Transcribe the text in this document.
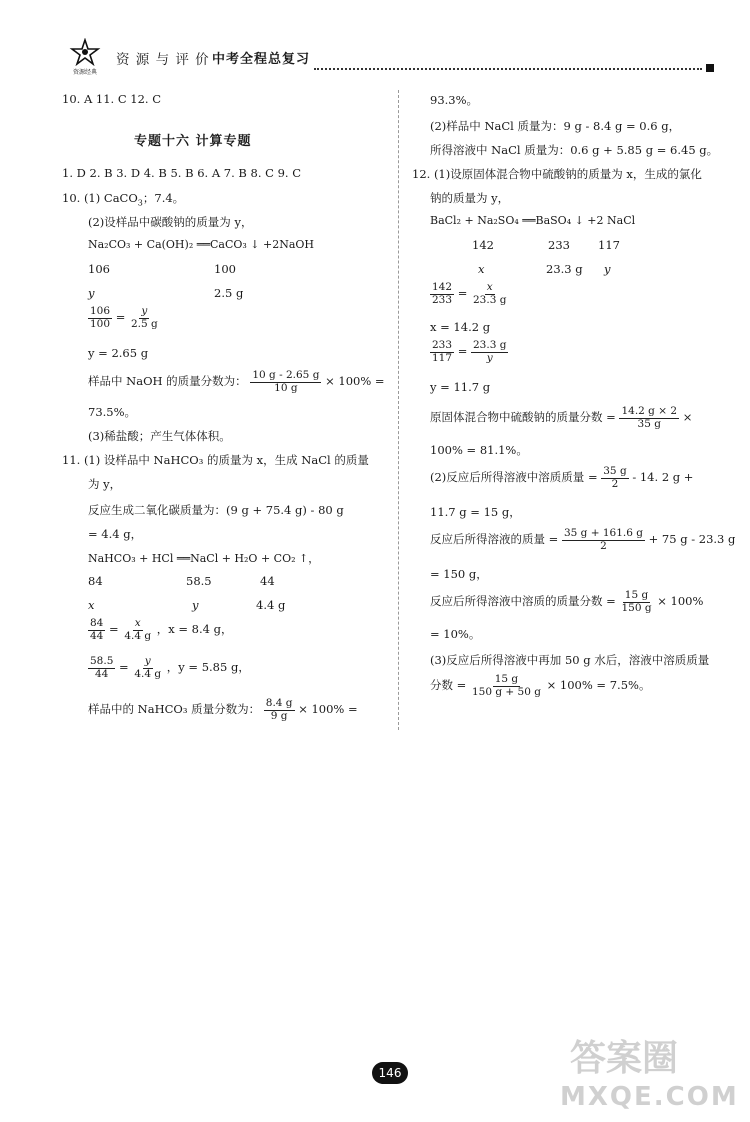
资源经典
资 源 与 评 价 中考全程总复习
10. A 11. C 12. C
专题十六 计算专题
1. D 2. B 3. D 4. B 5. B 6. A 7. B 8. C 9. C
10. (1) CaCO$_3$；7.4。
(2)设样品中碳酸钠的质量为 y，
Na₂CO₃ + Ca(OH)₂ ══CaCO₃ ↓ +2NaOH
106	100
y	2.5 g
$\frac{106}{100} = \frac{y}{2.5 g}$
y = 2.65 g
样品中 NaOH 的质量分数为： $\frac{10 g - 2.65 g}{10 g} \times 100\%$ =
73.5%。
(3)稀盐酸；产生气体体积。
11. (1) 设样品中 NaHCO₃ 的质量为 x，生成 NaCl 的质量
为 y，
反应生成二氧化碳质量为：(9 g + 75.4 g) - 80 g
= 4.4 g，
NaHCO₃ + HCl ══NaCl + H₂O + CO₂ ↑，
84	58.5	44
x	y	4.4 g
$\frac{84}{44} = \frac{x}{4.4 g}$ ，x = 8.4 g，
$\frac{58.5}{44} = \frac{y}{4.4 g}$ ，y = 5.85 g，
样品中的 NaHCO₃ 质量分数为： $\frac{8.4 g}{9 g} \times 100\%$ =
93.3%。
(2)样品中 NaCl 质量为：9 g - 8.4 g = 0.6 g，
所得溶液中 NaCl 质量为：0.6 g + 5.85 g = 6.45 g。
12. (1)设原固体混合物中硫酸钠的质量为 x，生成的氯化
钠的质量为 y，
BaCl₂ + Na₂SO₄ ══BaSO₄ ↓ +2 NaCl
142	233 117
x	23.3 g y
$\frac{142}{233} = \frac{x}{23.3 g}$
x = 14.2 g
$\frac{233}{117} = \frac{23.3 g}{y}$
y = 11.7 g
原固体混合物中硫酸钠的质量分数 = $\frac{14.2 g \times 2}{35 g}$ ×
100% = 81.1%。
(2)反应后所得溶液中溶质质量 = $\frac{35 g}{2} - 14$. 2 g +
11.7 g = 15 g，
反应后所得溶液的质量 = $\frac{35 g + 161.6 g}{2} + 75$ g - 23.3 g
= 150 g，
反应后所得溶液中溶质的质量分数 = $\frac{15 g}{150 g} \times 100\%$
= 10%。
(3)反应后所得溶液中再加 50 g 水后，溶液中溶质质量
分数 = $\frac{15 g}{150 g + 50 g} \times 100\% = 7.5\%$。
146	答案圈
MXQE.COM
